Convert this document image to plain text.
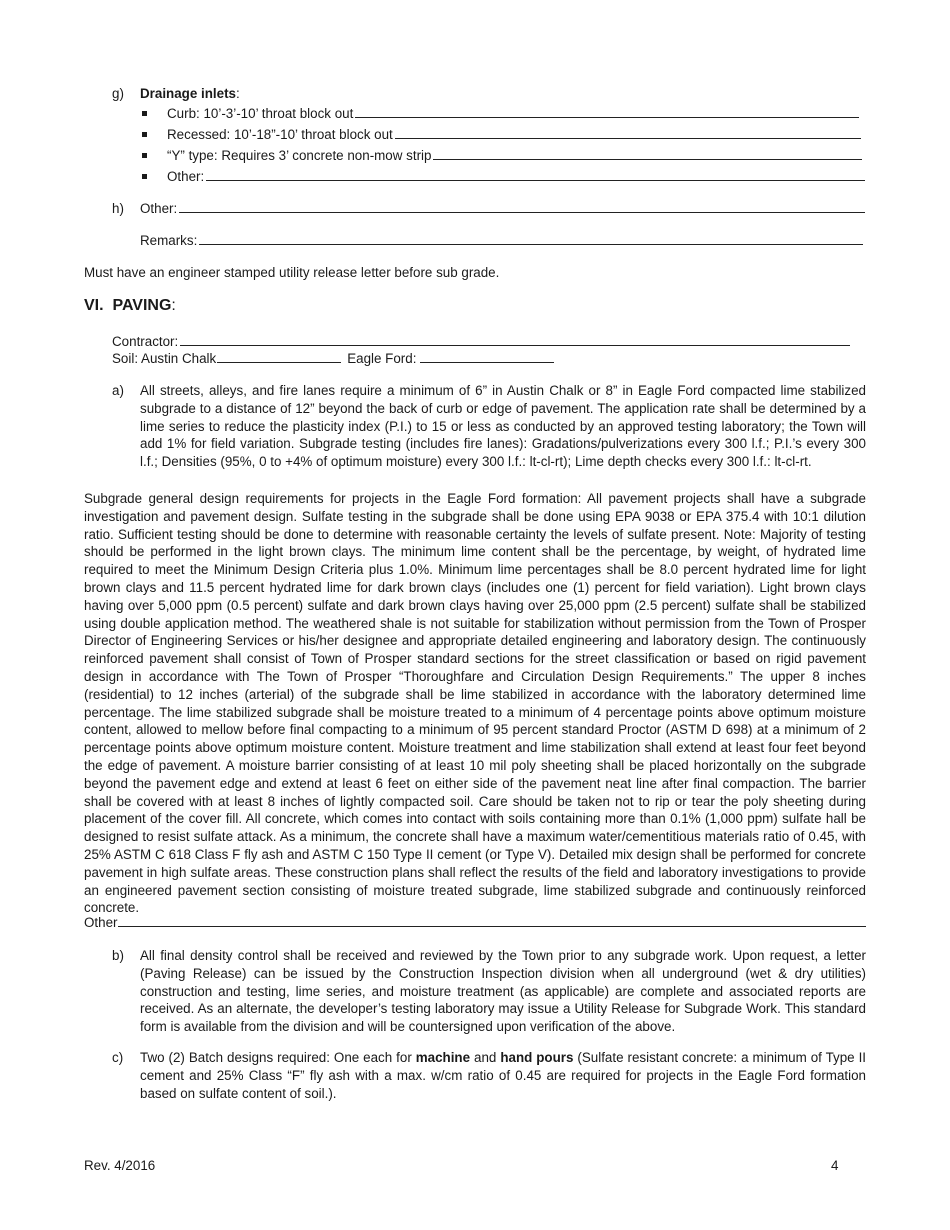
g) Drainage inlets:
Curb: 10’-3’-10’ throat block out
Recessed: 10’-18”-10’ throat block out
“Y” type: Requires 3’ concrete non-mow strip
Other:
h) Other:
Remarks:
Must have an engineer stamped utility release letter before sub grade.
VI. PAVING:
Contractor:
Soil: Austin Chalk	Eagle Ford:
a) All streets, alleys, and fire lanes require a minimum of 6” in Austin Chalk or 8” in Eagle Ford compacted lime stabilized subgrade to a distance of 12” beyond the back of curb or edge of pavement. The application rate shall be determined by a lime series to reduce the plasticity index (P.I.) to 15 or less as conducted by an approved testing laboratory; the Town will add 1% for field variation. Subgrade testing (includes fire lanes): Gradations/pulverizations every 300 l.f.; P.I.’s every 300 l.f.; Densities (95%, 0 to +4% of optimum moisture) every 300 l.f.: lt-cl-rt); Lime depth checks every 300 l.f.: lt-cl-rt.
Subgrade general design requirements for projects in the Eagle Ford formation: All pavement projects shall have a subgrade investigation and pavement design. Sulfate testing in the subgrade shall be done using EPA 9038 or EPA 375.4 with 10:1 dilution ratio. Sufficient testing should be done to determine with reasonable certainty the levels of sulfate present. Note: Majority of testing should be performed in the light brown clays. The minimum lime content shall be the percentage, by weight, of hydrated lime required to meet the Minimum Design Criteria plus 1.0%. Minimum lime percentages shall be 8.0 percent hydrated lime for light brown clays and 11.5 percent hydrated lime for dark brown clays (includes one (1) percent for field variation). Light brown clays having over 5,000 ppm (0.5 percent) sulfate and dark brown clays having over 25,000 ppm (2.5 percent) sulfate shall be stabilized using double application method. The weathered shale is not suitable for stabilization without permission from the Town of Prosper Director of Engineering Services or his/her designee and appropriate detailed engineering and laboratory design. The continuously reinforced pavement shall consist of Town of Prosper standard sections for the street classification or based on rigid pavement design in accordance with The Town of Prosper “Thoroughfare and Circulation Design Requirements.” The upper 8 inches (residential) to 12 inches (arterial) of the subgrade shall be lime stabilized in accordance with the laboratory determined lime percentage. The lime stabilized subgrade shall be moisture treated to a minimum of 4 percentage points above optimum moisture content, allowed to mellow before final compacting to a minimum of 95 percent standard Proctor (ASTM D 698) at a minimum of 2 percentage points above optimum moisture content. Moisture treatment and lime stabilization shall extend at least four feet beyond the edge of pavement. A moisture barrier consisting of at least 10 mil poly sheeting shall be placed horizontally on the subgrade beyond the pavement edge and extend at least 6 feet on either side of the pavement neat line after final compaction. The barrier shall be covered with at least 8 inches of lightly compacted soil. Care should be taken not to rip or tear the poly sheeting during placement of the cover fill. All concrete, which comes into contact with soils containing more than 0.1% (1,000 ppm) sulfate hall be designed to resist sulfate attack. As a minimum, the concrete shall have a maximum water/cementitious materials ratio of 0.45, with 25% ASTM C 618 Class F fly ash and ASTM C 150 Type II cement (or Type V). Detailed mix design shall be performed for concrete pavement in high sulfate areas. These construction plans shall reflect the results of the field and laboratory investigations to provide an engineered pavement section consisting of moisture treated subgrade, lime stabilized subgrade and continuously reinforced concrete.
Other
b) All final density control shall be received and reviewed by the Town prior to any subgrade work. Upon request, a letter (Paving Release) can be issued by the Construction Inspection division when all underground (wet & dry utilities) construction and testing, lime series, and moisture treatment (as applicable) are complete and associated reports are received. As an alternate, the developer’s testing laboratory may issue a Utility Release for Subgrade Work. This standard form is available from the division and will be countersigned upon verification of the above.
c) Two (2) Batch designs required: One each for machine and hand pours (Sulfate resistant concrete: a minimum of Type II cement and 25% Class “F” fly ash with a max. w/cm ratio of 0.45 are required for projects in the Eagle Ford formation based on sulfate content of soil.).
Rev. 4/2016	4
